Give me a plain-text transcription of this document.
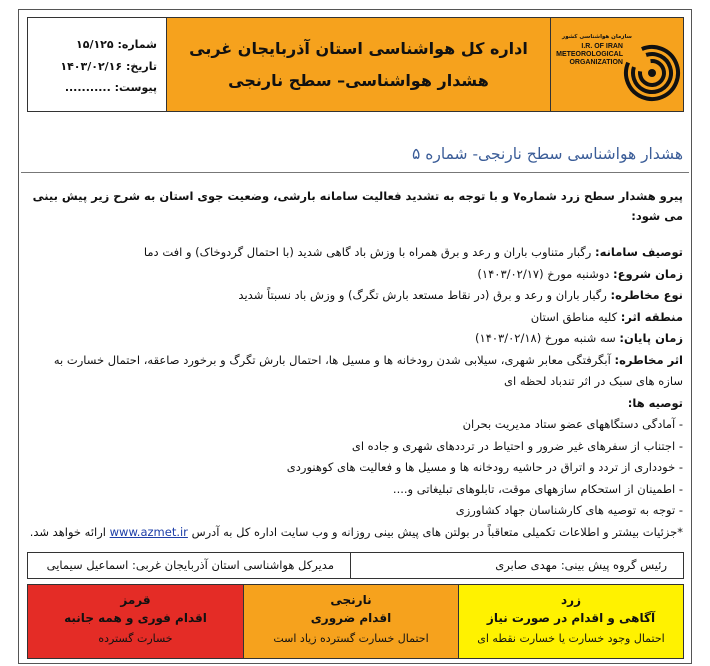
سازمان هواشناسی کشور
I.R. OF IRAN
METEOROLOGICAL
ORGANIZATION
اداره کل هواشناسی استان آذربایجان غربی
هشدار هواشناسی– سطح نارنجی
شماره: ۱۵/۱۲۵
تاریخ: ۱۴۰۳/۰۲/۱۶
پیوست: ...........
هشدار هواشناسی سطح نارنجی- شماره ۵
پیرو هشدار سطح زرد شماره۷ و با توجه به تشدید فعالیت سامانه بارشی، وضعیت جوی استان به شرح زیر پیش بینی می شود:
توصیف سامانه: رگبار متناوب باران و رعد و برق همراه با وزش باد گاهی شدید (با احتمال گردوخاک) و افت دما
زمان شروع: دوشنبه مورخ (۱۴۰۳/۰۲/۱۷)
نوع مخاطره: رگبار باران و رعد و برق (در نقاط مستعد بارش تگرگ) و وزش باد نسبتاً شدید
منطقه اثر: کلیه مناطق استان
زمان پایان: سه شنبه مورخ (۱۴۰۳/۰۲/۱۸)
اثر مخاطره: آبگرفتگی معابر شهری، سیلابی شدن رودخانه ها و مسیل ها، احتمال بارش تگرگ و برخورد صاعقه، احتمال خسارت به سازه های سبک در اثر تندباد لحظه ای
توصیه ها:
- آمادگی دستگاههای عضو ستاد مدیریت بحران
- اجتناب از سفرهای غیر ضرور و احتیاط در ترددهای شهری و جاده ای
- خودداری از تردد و اتراق در حاشیه رودخانه ها و مسیل ها و فعالیت های کوهنوردی
- اطمینان از استحکام سازههای موقت، تابلوهای تبلیغاتی و....
- توجه به توصیه های کارشناسان جهاد کشاورزی
*جزئیات بیشتر و اطلاعات تکمیلی متعاقباً در بولتن های پیش بینی روزانه و وب سایت اداره کل به آدرس www.azmet.ir ارائه خواهد شد.
رئیس گروه پیش بینی: مهدی صابری
مدیرکل هواشناسی استان آذربایجان غربی: اسماعیل سیمایی
زرد
آگاهی و اقدام در صورت نیاز
احتمال وجود خسارت یا خسارت نقطه ای
نارنجی
اقدام ضروری
احتمال خسارت گسترده زیاد است
قرمز
اقدام فوری و همه جانبه
خسارت گسترده
